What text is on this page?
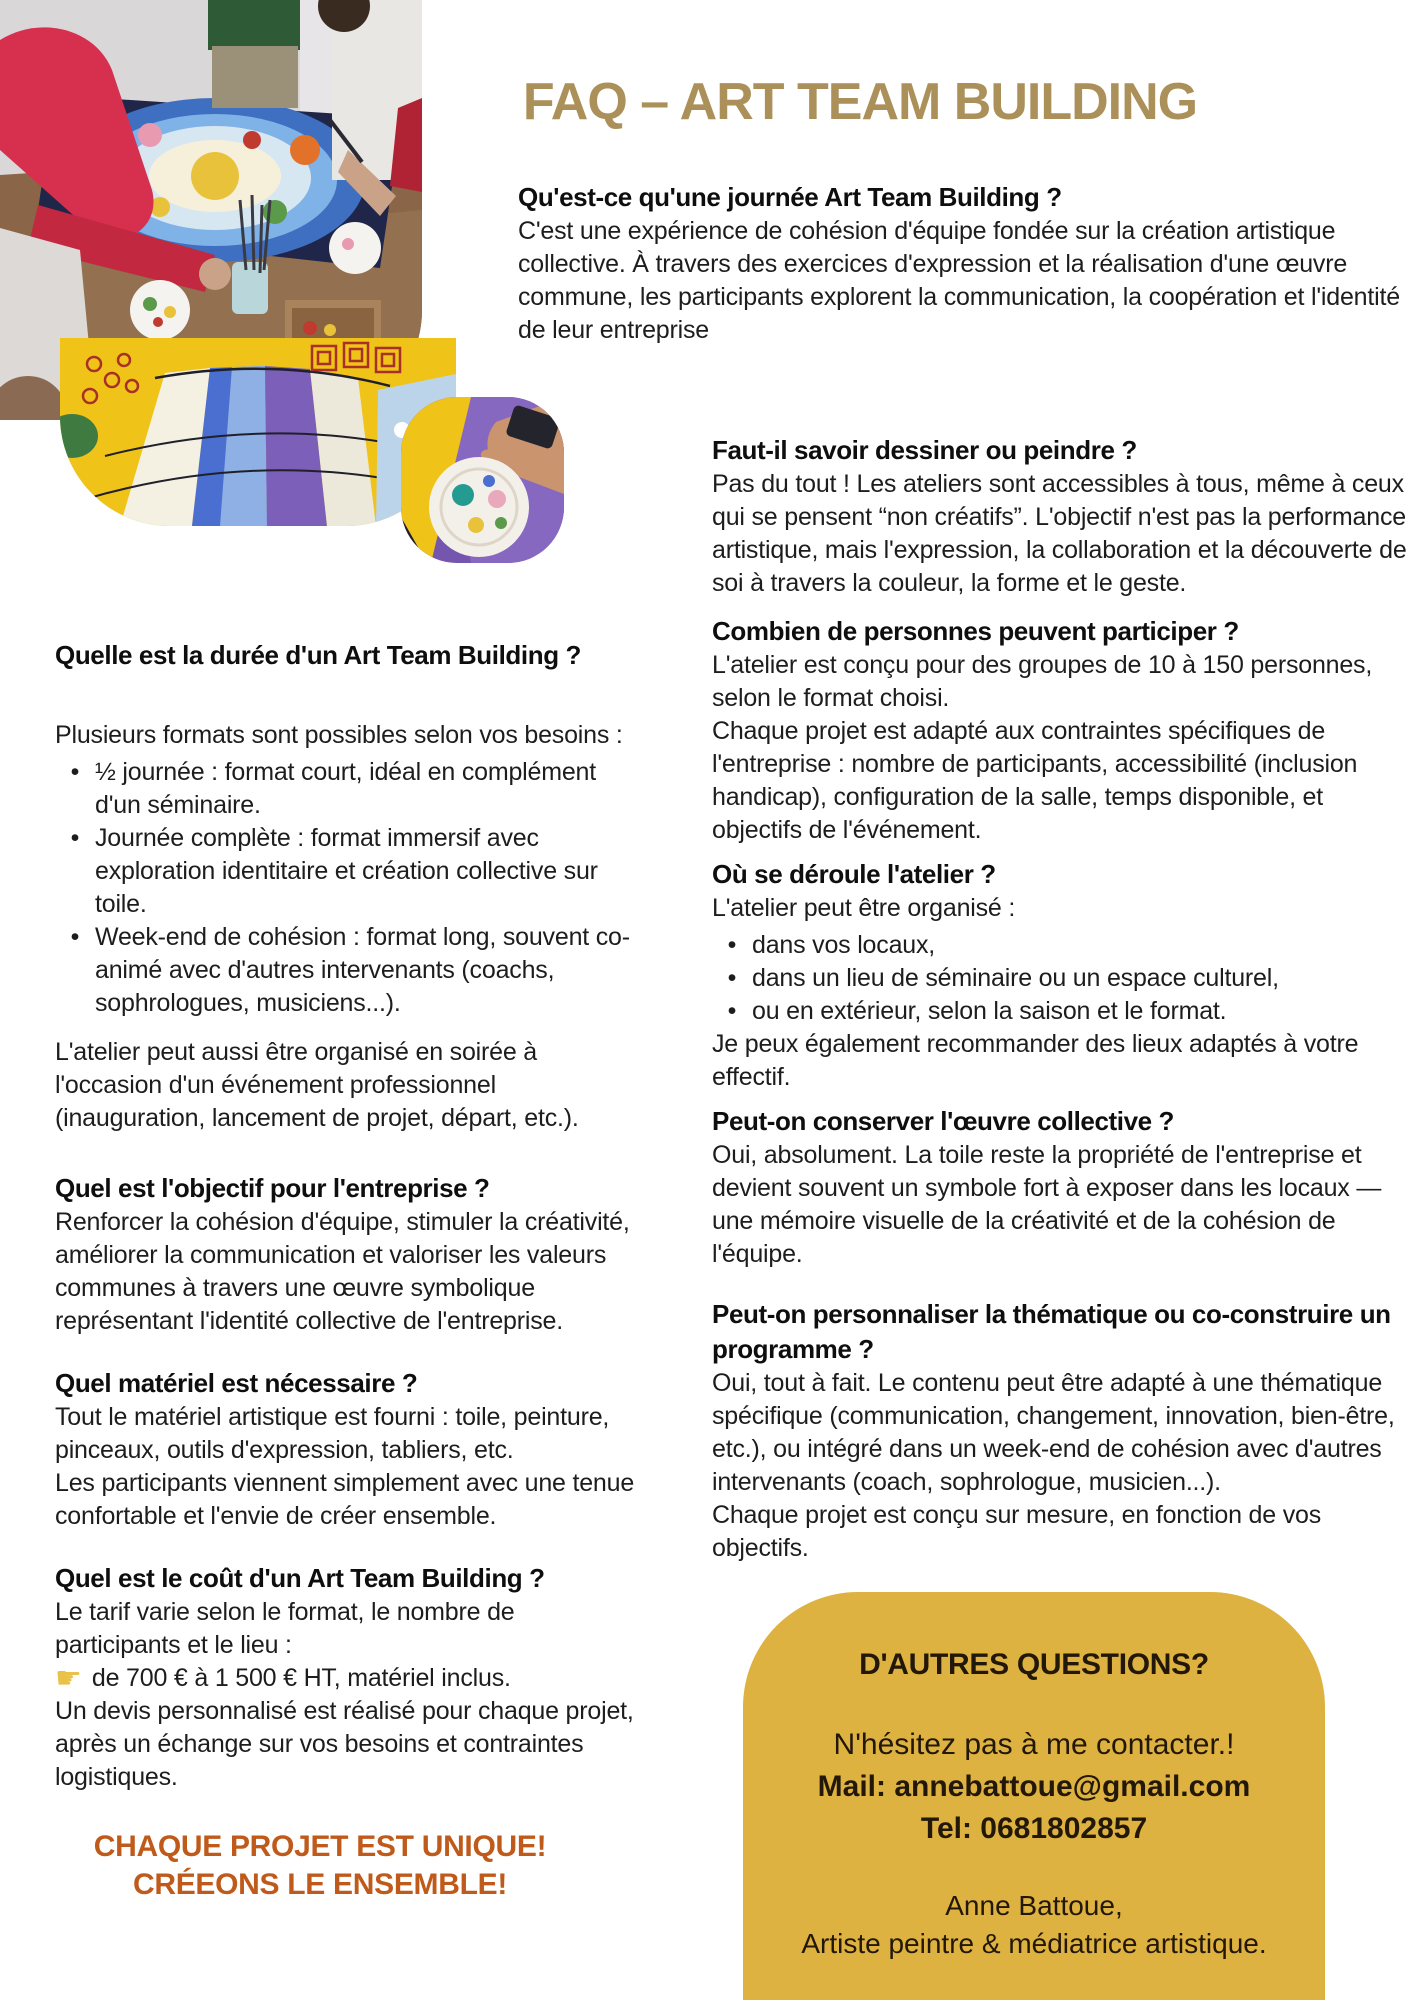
FAQ – ART TEAM BUILDING

Qu'est-ce qu'une journée Art Team Building ?

C'est une expérience de cohésion d'équipe fondée sur la création artistique collective. À travers des exercices d'expression et la réalisation d'une œuvre commune, les participants explorent la communication, la coopération et l'identité de leur entreprise

Faut-il savoir dessiner ou peindre ?

Pas du tout ! Les ateliers sont accessibles à tous, même à ceux qui se pensent “non créatifs”. L'objectif n'est pas la performance artistique, mais l'expression, la collaboration et la découverte de soi à travers la couleur, la forme et le geste.

Combien de personnes peuvent participer ?

L'atelier est conçu pour des groupes de 10 à 150 personnes, selon le format choisi.

Chaque projet est adapté aux contraintes spécifiques de l'entreprise : nombre de participants, accessibilité (inclusion handicap), configuration de la salle, temps disponible, et objectifs de l'événement.

Où se déroule l'atelier ?

L'atelier peut être organisé :

• dans vos locaux,
• dans un lieu de séminaire ou un espace culturel,
• ou en extérieur, selon la saison et le format.

Je peux également recommander des lieux adaptés à votre effectif.

Peut-on conserver l'œuvre collective ?

Oui, absolument. La toile reste la propriété de l'entreprise et devient souvent un symbole fort à exposer dans les locaux — une mémoire visuelle de la créativité et de la cohésion de l'équipe.

Peut-on personnaliser la thématique ou co-construire un programme ?

Oui, tout à fait. Le contenu peut être adapté à une thématique spécifique (communication, changement, innovation, bien-être, etc.), ou intégré dans un week-end de cohésion avec d'autres intervenants (coach, sophrologue, musicien...).

Chaque projet est conçu sur mesure, en fonction de vos objectifs.

Quelle est la durée d'un Art Team Building ?

Plusieurs formats sont possibles selon vos besoins :

• ½ journée : format court, idéal en complément d'un séminaire.
• Journée complète : format immersif avec exploration identitaire et création collective sur toile.
• Week-end de cohésion : format long, souvent co-animé avec d'autres intervenants (coachs, sophrologues, musiciens...).

L'atelier peut aussi être organisé en soirée à l'occasion d'un événement professionnel (inauguration, lancement de projet, départ, etc.).

Quel est l'objectif pour l'entreprise ?

Renforcer la cohésion d'équipe, stimuler la créativité, améliorer la communication et valoriser les valeurs communes à travers une œuvre symbolique représentant l'identité collective de l'entreprise.

Quel matériel est nécessaire ?

Tout le matériel artistique est fourni : toile, peinture, pinceaux, outils d'expression, tabliers, etc.

Les participants viennent simplement avec une tenue confortable et l'envie de créer ensemble.

Quel est le coût d'un Art Team Building ?

Le tarif varie selon le format, le nombre de participants et le lieu :

☛ de 700 € à 1 500 € HT, matériel inclus.

Un devis personnalisé est réalisé pour chaque projet, après un échange sur vos besoins et contraintes logistiques.

CHAQUE PROJET EST UNIQUE!
CRÉEONS LE ENSEMBLE!
D'AUTRES QUESTIONS?
N'hésitez pas à me contacter.!
Mail: annebattoue@gmail.com
Tel: 0681802857
Anne Battoue,
Artiste peintre & médiatrice artistique.
